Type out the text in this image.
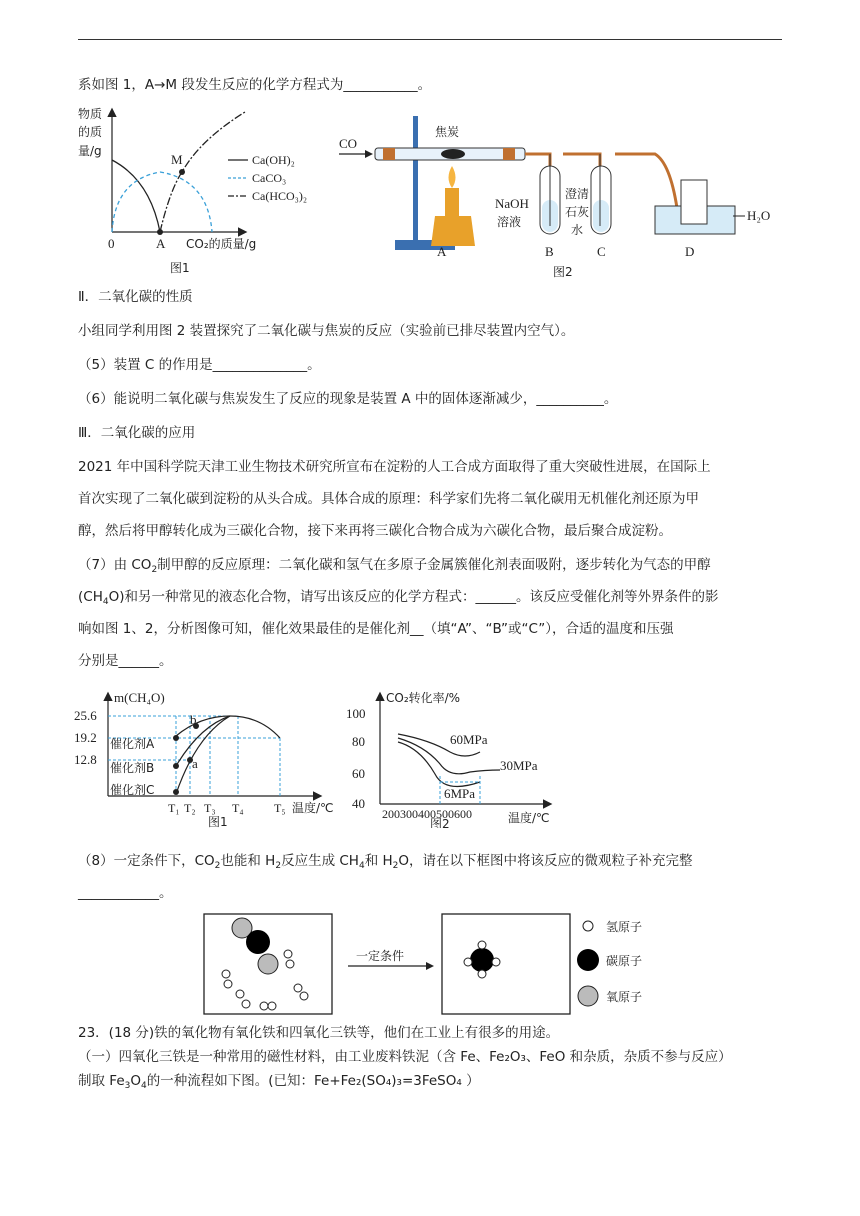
系如图 1，A→M 段发生反应的化学方程式为___________。
物质
的质
量/g
0	A
M
CO₂的质量/g
图1
Ca(OH)₂
CaCO₃
Ca(HCO₃)₂
CO
焦炭
NaOH
溶液
澄清
石灰
水
H₂O
A	B	C	D
图2
Ⅱ．二氧化碳的性质
小组同学利用图 2 装置探究了二氧化碳与焦炭的反应（实验前已排尽装置内空气）。
（5）装置 C 的作用是______________。
（6）能说明二氧化碳与焦炭发生了反应的现象是装置 A 中的固体逐渐减少，__________。
Ⅲ．二氧化碳的应用
2021 年中国科学院天津工业生物技术研究所宣布在淀粉的人工合成方面取得了重大突破性进展，在国际上
首次实现了二氧化碳到淀粉的从头合成。具体合成的原理：科学家们先将二氧化碳用无机催化剂还原为甲
醇，然后将甲醇转化成为三碳化合物，接下来再将三碳化合物合成为六碳化合物，最后聚合成淀粉。
（7）由 $CO_2$制甲醇的反应原理：二氧化碳和氢气在多原子金属簇催化剂表面吸附，逐步转化为气态的甲醇
$(CH_4O)$和另一种常见的液态化合物，请写出该反应的化学方程式：______。该反应受催化剂等外界条件的影
响如图 1、2，分析图像可知，催化效果最佳的是催化剂__（填“A”、“B”或“C”），合适的温度和压强
分别是______。
m(CH₄O)
25.6
19.2
12.8
催化剂A
催化剂B
催化剂C
b
a
T₁ T₂ T₃ T₄	T₅ 温度/℃
图1
CO₂转化率/%
100
80
60
40
60MPa
30MPa
6MPa
200300400500600	温度/℃
图2
（8）一定条件下，$CO_2$也能和 $H_2$反应生成 $CH_4$和 $H_2O$，请在以下框图中将该反应的微观粒子补充完整
____________。
一定条件
氢原子
碳原子
氧原子
23．(18 分)铁的氧化物有氧化铁和四氧化三铁等，他们在工业上有很多的用途。
（一）四氧化三铁是一种常用的磁性材料，由工业废料铁泥（含 Fe、Fe₂O₃、FeO 和杂质，杂质不参与反应）
制取 $Fe_3O_4$的一种流程如下图。(已知：Fe+Fe₂(SO₄)₃=3FeSO₄ ）
